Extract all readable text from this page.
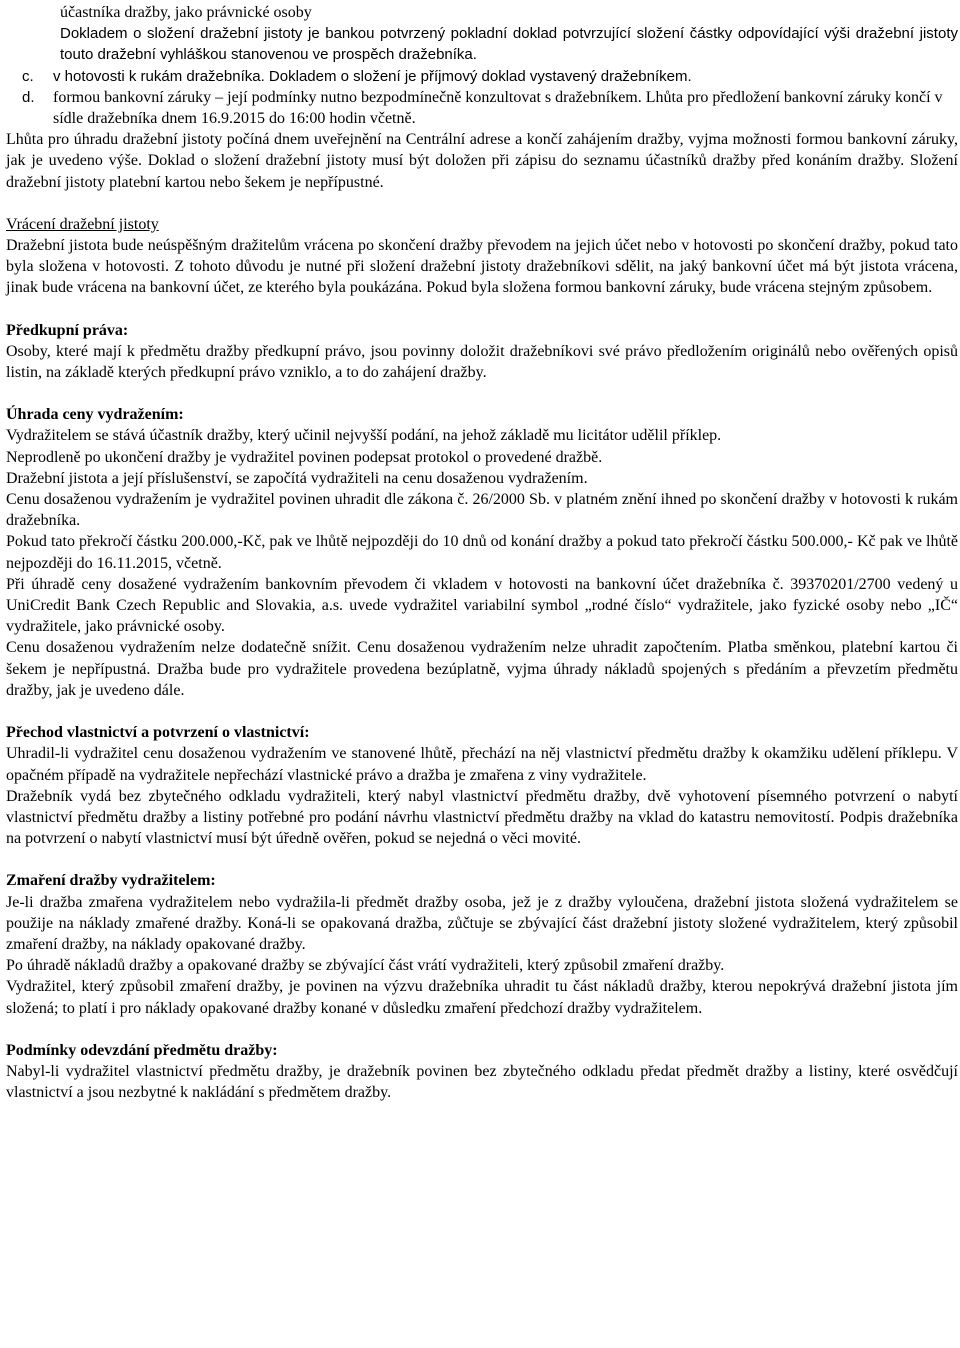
účastníka dražby, jako právnické osoby

Dokladem o složení dražební jistoty je bankou potvrzený pokladní doklad potvrzující složení částky odpovídající výši dražební jistoty touto dražební vyhláškou stanovenou ve prospěch dražebníka.

c.	v hotovosti k rukám dražebníka. Dokladem o složení je příjmový doklad vystavený dražebníkem.
d.	formou bankovní záruky – její podmínky nutno bezpodmínečně konzultovat s dražebníkem. Lhůta pro předložení bankovní záruky končí v sídle dražebníka dnem 16.9.2015 do 16:00 hodin včetně.

Lhůta pro úhradu dražební jistoty počíná dnem uveřejnění na Centrální adrese a končí zahájením dražby, vyjma možnosti formou bankovní záruky, jak je uvedeno výše. Doklad o složení dražební jistoty musí být doložen při zápisu do seznamu účastníků dražby před konáním dražby. Složení dražební jistoty platební kartou nebo šekem je nepřípustné.

Vrácení dražební jistoty

Dražební jistota bude neúspěšným dražitelům vrácena po skončení dražby převodem na jejich účet nebo v hotovosti po skončení dražby, pokud tato byla složena v hotovosti. Z tohoto důvodu je nutné při složení dražební jistoty dražebníkovi sdělit, na jaký bankovní účet má být jistota vrácena, jinak bude vrácena na bankovní účet, ze kterého byla poukázána. Pokud byla složena formou bankovní záruky, bude vrácena stejným způsobem.

Předkupní práva:

Osoby, které mají k předmětu dražby předkupní právo, jsou povinny doložit dražebníkovi své právo předložením originálů nebo ověřených opisů listin, na základě kterých předkupní právo vzniklo, a to do zahájení dražby.

Úhrada ceny vydražením:

Vydražitelem se stává účastník dražby, který učinil nejvyšší podání, na jehož základě mu licitátor udělil příklep.

Neprodleně po ukončení dražby je vydražitel povinen podepsat protokol o provedené dražbě.

Dražební jistota a její příslušenství, se započítá vydražiteli na cenu dosaženou vydražením.

Cenu dosaženou vydražením je vydražitel povinen uhradit dle zákona č. 26/2000 Sb. v platném znění ihned po skončení dražby v hotovosti k rukám dražebníka.

Pokud tato překročí částku 200.000,-Kč, pak ve lhůtě nejpozději do 10 dnů od konání dražby a pokud tato překročí částku 500.000,- Kč pak ve lhůtě nejpozději do 16.11.2015, včetně.

Při úhradě ceny dosažené vydražením bankovním převodem či vkladem v hotovosti na bankovní účet dražebníka č. 39370201/2700 vedený u UniCredit Bank Czech Republic and Slovakia, a.s. uvede vydražitel variabilní symbol „rodné číslo“ vydražitele, jako fyzické osoby nebo „IČ“ vydražitele, jako právnické osoby.

Cenu dosaženou vydražením nelze dodatečně snížit. Cenu dosaženou vydražením nelze uhradit započtením. Platba směnkou, platební kartou či šekem je nepřípustná. Dražba bude pro vydražitele provedena bezúplatně, vyjma úhrady nákladů spojených s předáním a převzetím předmětu dražby, jak je uvedeno dále.

Přechod vlastnictví a potvrzení o vlastnictví:

Uhradil-li vydražitel cenu dosaženou vydražením ve stanovené lhůtě, přechází na něj vlastnictví předmětu dražby k okamžiku udělení příklepu. V opačném případě na vydražitele nepřechází vlastnické právo a dražba je zmařena z viny vydražitele.

Dražebník vydá bez zbytečného odkladu vydražiteli, který nabyl vlastnictví předmětu dražby, dvě vyhotovení písemného potvrzení o nabytí vlastnictví předmětu dražby a listiny potřebné pro podání návrhu vlastnictví předmětu dražby na vklad do katastru nemovitostí. Podpis dražebníka na potvrzení o nabytí vlastnictví musí být úředně ověřen, pokud se nejedná o věci movité.

Zmaření dražby vydražitelem:

Je-li dražba zmařena vydražitelem nebo vydražila-li předmět dražby osoba, jež je z dražby vyloučena, dražební jistota složená vydražitelem se použije na náklady zmařené dražby. Koná-li se opakovaná dražba, zůčtuje se zbývající část dražební jistoty složené vydražitelem, který způsobil zmaření dražby, na náklady opakované dražby.

Po úhradě nákladů dražby a opakované dražby se zbývající část vrátí vydražiteli, který způsobil zmaření dražby.

Vydražitel, který způsobil zmaření dražby, je povinen na výzvu dražebníka uhradit tu část nákladů dražby, kterou nepokrývá dražební jistota jím složená; to platí i pro náklady opakované dražby konané v důsledku zmaření předchozí dražby vydražitelem.

Podmínky odevzdání předmětu dražby:

Nabyl-li vydražitel vlastnictví předmětu dražby, je dražebník povinen bez zbytečného odkladu předat předmět dražby a listiny, které osvědčují vlastnictví a jsou nezbytné k nakládání s předmětem dražby.
